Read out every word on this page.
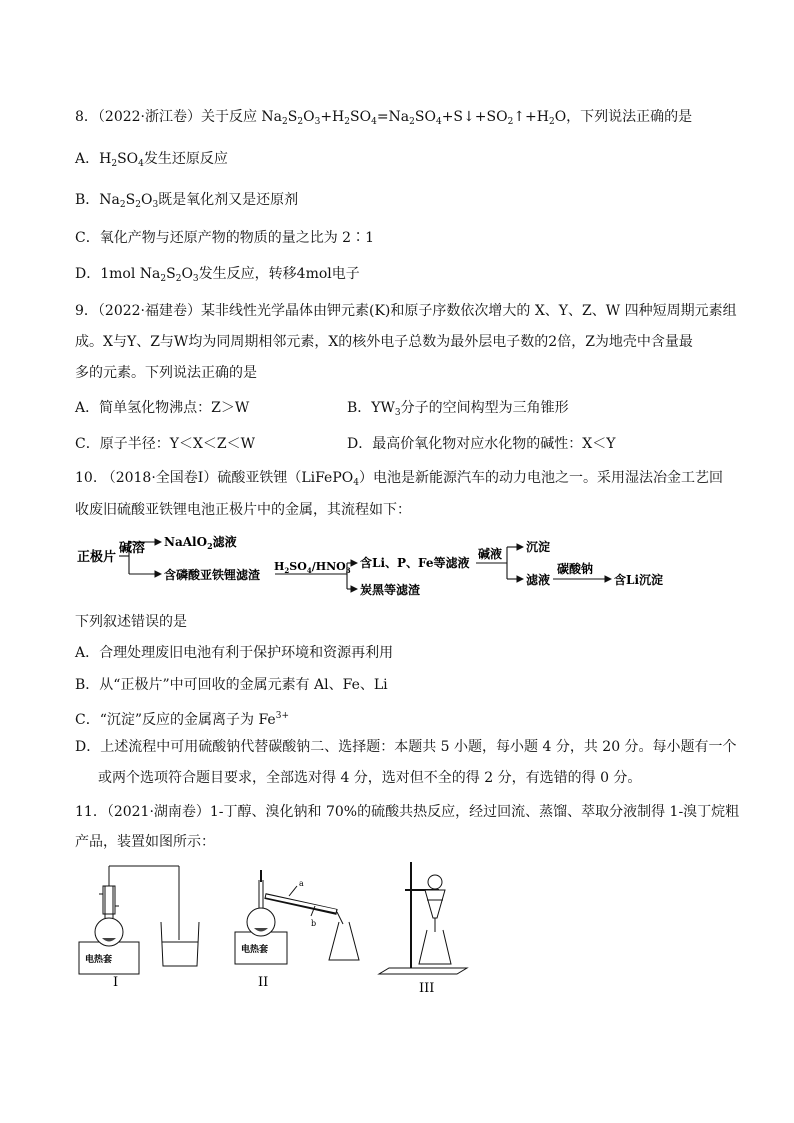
8．（2022·浙江卷）关于反应 $Na_2S_2O_3+H_2SO_4=Na_2SO_4+S↓+SO_2↑+H_2O$，下列说法正确的是
A．$H_2SO_4$发生还原反应
B．$Na_2S_2O_3$既是氧化剂又是还原剂
C．氧化产物与还原产物的物质的量之比为 2∶1
D．1mol $Na_2S_2O_3$发生反应，转移4mol电子
9．（2022·福建卷）某非线性光学晶体由钾元素(K)和原子序数依次增大的 X、Y、Z、W 四种短周期元素组
成。X与Y、Z与W均为同周期相邻元素，X的核外电子总数为最外层电子数的2倍，Z为地壳中含量最
多的元素。下列说法正确的是
A．简单氢化物沸点：Z＞W	B．$YW_3$分子的空间构型为三角锥形
C．原子半径：Y＜X＜Z＜W	D．最高价氧化物对应水化物的碱性：X＜Y
10. （2018·全国卷Ⅰ）硫酸亚铁锂（LiFePO$_4$）电池是新能源汽车的动力电池之一。采用湿法冶金工艺回
收废旧硫酸亚铁锂电池正极片中的金属，其流程如下：
正极片
碱溶 NaAlO$_2$滤液
含磷酸亚铁锂滤渣
$H_2SO_4/HNO_3$
含Li、P、Fe等滤液
炭黑等滤渣
碱液 沉淀
滤液
碳酸钠
含Li沉淀
下列叙述错误的是
A．合理处理废旧电池有利于保护环境和资源再利用
B．从“正极片”中可回收的金属元素有 Al、Fe、Li
C．“沉淀”反应的金属离子为 $Fe^{3+}$
D．上述流程中可用硫酸钠代替碳酸钠二、选择题：本题共 5 小题，每小题 4 分，共 20 分。每小题有一个
或两个选项符合题目要求，全部选对得 4 分，选对但不全的得 2 分，有选错的得 0 分。
11．（2021·湖南卷）1-丁醇、溴化钠和 70%的硫酸共热反应，经过回流、蒸馏、萃取分液制得 1-溴丁烷粗
产品，装置如图所示：
电热套
电热套
a
b
I	II	III
